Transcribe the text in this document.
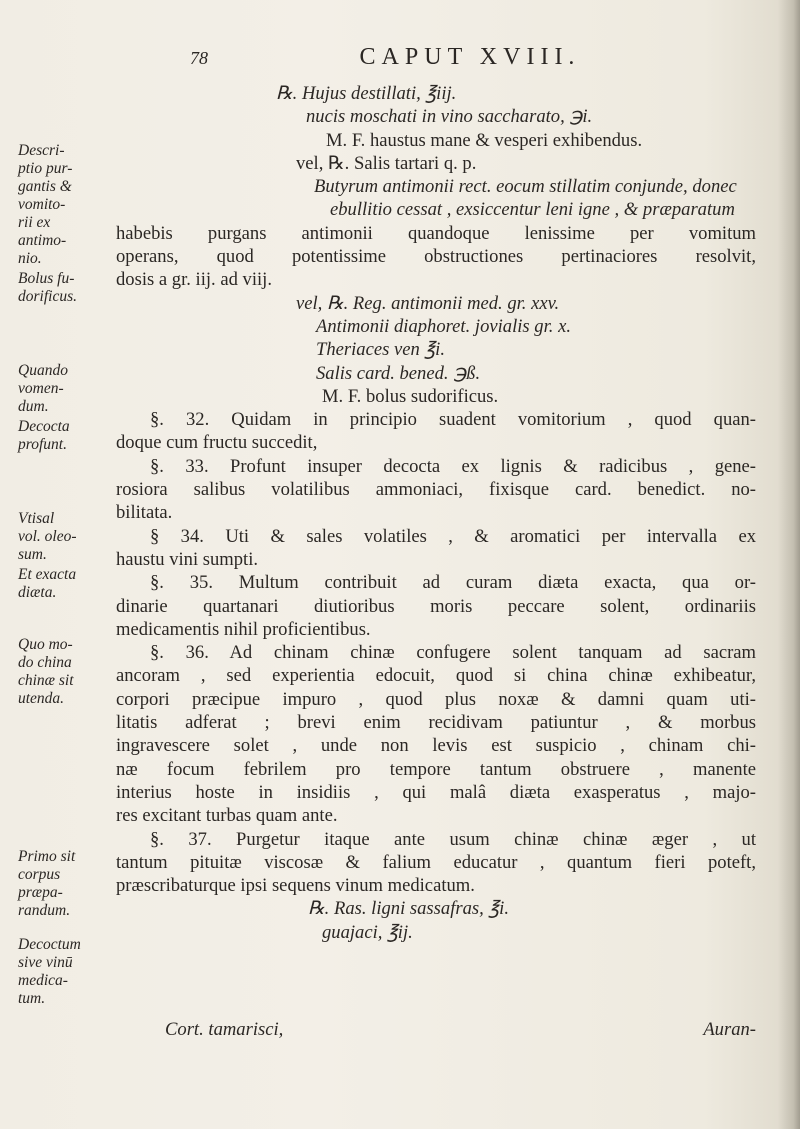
78	CAPUT XVIII.
Descri-
ptio pur-
gantis &
vomito-
rii ex
antimo-
nio.
Bolus fu-
dorificus.
Quando
vomen-
dum.
Decocta
profunt.
Vtisal
vol. oleo-
sum.
Et exacta
diæta.
Quo mo-
do china
chinæ sit
utenda.
Primo sit
corpus
præpa-
randum.
Decoctum
sive vinū
medica-
tum.
℞. Hujus destillati, ℥iij.
nucis moschati in vino saccharato, ℈i.
M. F. haustus mane & vesperi exhibendus.
vel, ℞. Salis tartari q. p.
Butyrum antimonii rect. eocum stillatim conjunde, donec
ebullitio cessat , exsiccentur leni igne , & præparatum
habebis purgans antimonii quandoque lenissime per vomitum
operans, quod potentissime obstructiones pertinaciores resolvit,
dosis a gr. iij. ad viij.
vel, ℞. Reg. antimonii med. gr. xxv.
Antimonii diaphoret. jovialis gr. x.
Theriaces ven ℥i.
Salis card. bened. ℈ß.
M. F. bolus sudorificus.
§. 32. Quidam in principio suadent vomitorium , quod quan-
doque cum fructu succedit,
§. 33. Profunt insuper decocta ex lignis & radicibus , gene-
rosiora salibus volatilibus ammoniaci, fixisque card. benedict. no-
bilitata.
§ 34. Uti & sales volatiles , & aromatici per intervalla ex
haustu vini sumpti.
§. 35. Multum contribuit ad curam diæta exacta, qua or-
dinarie quartanari diutioribus moris peccare solent, ordinariis
medicamentis nihil proficientibus.
§. 36. Ad chinam chinæ confugere solent tanquam ad sacram
ancoram , sed experientia edocuit, quod si china chinæ exhibeatur,
corpori præcipue impuro , quod plus noxæ & damni quam uti-
litatis adferat ; brevi enim recidivam patiuntur , & morbus
ingravescere solet , unde non levis est suspicio , chinam chi-
næ focum febrilem pro tempore tantum obstruere , manente
interius hoste in insidiis , qui malâ diæta exasperatus , majo-
res excitant turbas quam ante.
§. 37. Purgetur itaque ante usum chinæ chinæ æger , ut
tantum pituitæ viscosæ & falium educatur , quantum fieri poteft,
præscribaturque ipsi sequens vinum medicatum.
℞. Ras. ligni sassafras, ℥i.
guajaci, ℥ij.
Cort. tamarisci,	Auran-
